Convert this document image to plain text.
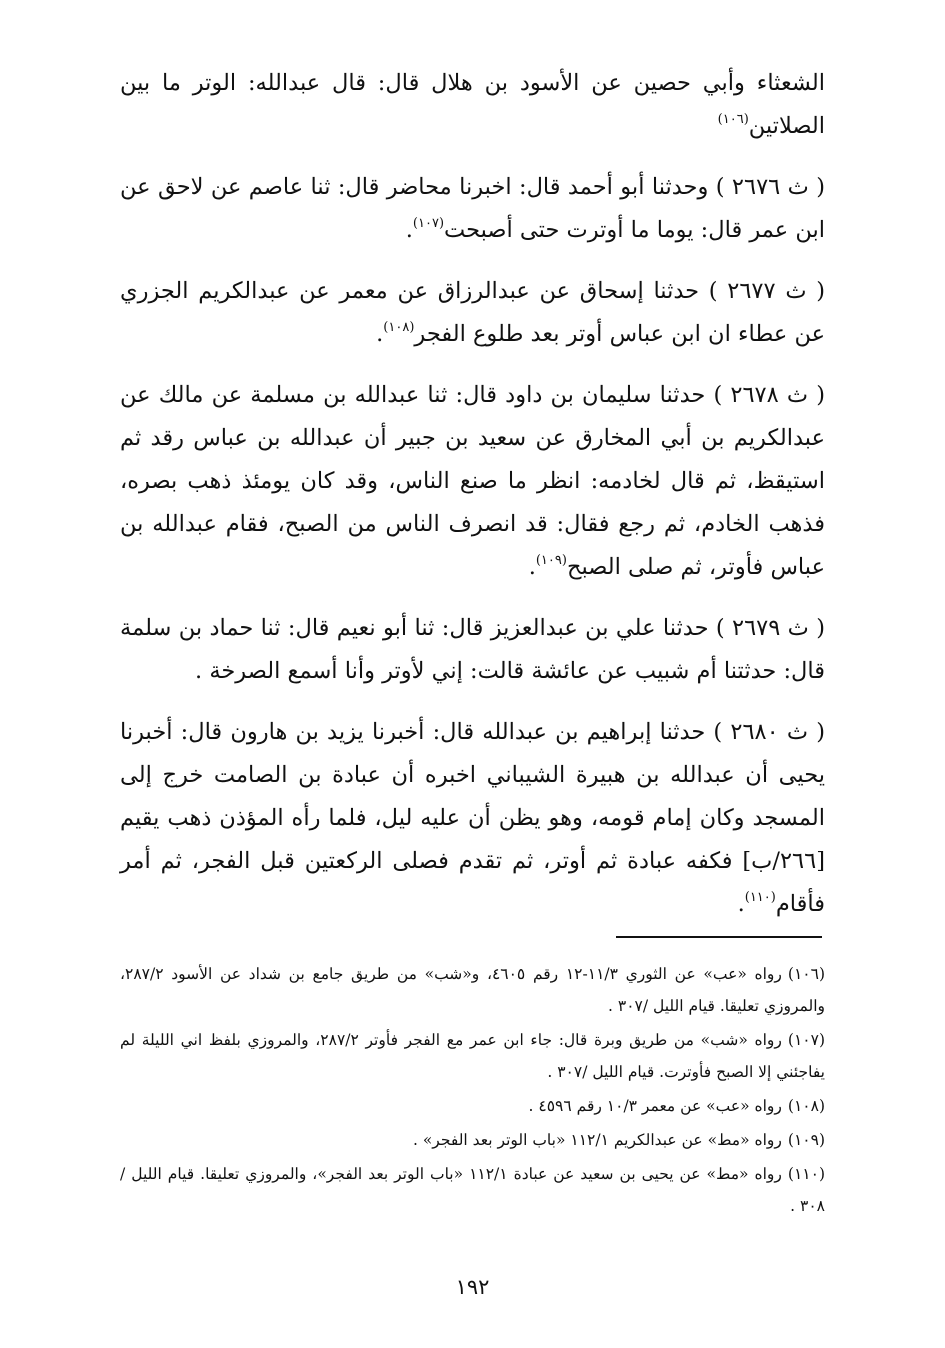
الشعثاء وأبي حصين عن الأسود بن هلال قال: قال عبدالله: الوتر ما بين الصلاتين$^{(١٠٦)}$

( ث ٢٦٧٦ ) وحدثنا أبو أحمد قال: اخبرنا محاضر قال: ثنا عاصم عن لاحق عن ابن عمر قال: يوما ما أوترت حتى أصبحت$^{(١٠٧)}$.

( ث ٢٦٧٧ ) حدثنا إسحاق عن عبدالرزاق عن معمر عن عبدالكريم الجزري عن عطاء ان ابن عباس أوتر بعد طلوع الفجر$^{(١٠٨)}$.

( ث ٢٦٧٨ ) حدثنا سليمان بن داود قال: ثنا عبدالله بن مسلمة عن مالك عن عبدالكريم بن أبي المخارق عن سعيد بن جبير أن عبدالله بن عباس رقد ثم استيقظ، ثم قال لخادمه: انظر ما صنع الناس، وقد كان يومئذ ذهب بصره، فذهب الخادم، ثم رجع فقال: قد انصرف الناس من الصبح، فقام عبدالله بن عباس فأوتر، ثم صلى الصبح$^{(١٠٩)}$.

( ث ٢٦٧٩ ) حدثنا علي بن عبدالعزيز قال: ثنا أبو نعيم قال: ثنا حماد بن سلمة قال: حدثتنا أم شبيب عن عائشة قالت: إني لأوتر وأنا أسمع الصرخة .

( ث ٢٦٨٠ ) حدثنا إبراهيم بن عبدالله قال: أخبرنا يزيد بن هارون قال: أخبرنا يحيى أن عبدالله بن هبيرة الشيباني اخبره أن عبادة بن الصامت خرج إلى المسجد وكان إمام قومه، وهو يظن أن عليه ليل، فلما رأه المؤذن ذهب يقيم [٢٦٦/ب] فكفه عبادة ثم أوتر، ثم تقدم فصلى الركعتين قبل الفجر، ثم أمر فأقام$^{(١١٠)}$.

(١٠٦)رواه «عب» عن الثوري ١١/٣-١٢ رقم ٤٦٠٥، و«شب» من طريق جامع بن شداد عن الأسود ٢٨٧/٢، والمروزي تعليقا. قيام الليل /٣٠٧ .

(١٠٧)رواه «شب» من طريق وبرة قال: جاء ابن عمر مع الفجر فأوتر ٢٨٧/٢، والمروزي بلفظ اني الليلة لم يفاجئني إلا الصبح فأوترت. قيام الليل /٣٠٧ .

(١٠٨)رواه «عب» عن معمر ١٠/٣ رقم ٤٥٩٦ .

(١٠٩)رواه «مط» عن عبدالكريم ١١٢/١ «باب الوتر بعد الفجر» .

(١١٠)رواه «مط» عن يحيى بن سعيد عن عبادة ١١٢/١ «باب الوتر بعد الفجر»، والمروزي تعليقا. قيام الليل /٣٠٨ .

١٩٢
